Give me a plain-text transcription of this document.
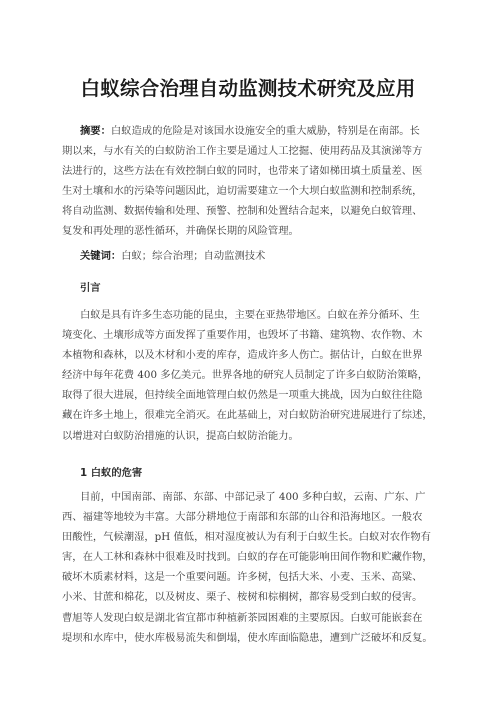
白蚁综合治理自动监测技术研究及应用
摘要：白蚁造成的危险是对该国水设施安全的重大威胁，特别是在南部。长
期以来，与水有关的白蚁防治工作主要是通过人工挖掘、使用药品及其演涕等方
法进行的，这些方法在有效控制白蚁的同时，也带来了诸如梯田填土质量差、医
生对土壤和水的污染等问题因此，迫切需要建立一个大坝白蚁监测和控制系统，
将自动监测、数据传输和处理、预警、控制和处置结合起来，以避免白蚁管理、
复发和再处理的恶性循环，并确保长期的风险管理。
关键词：白蚁；综合治理；自动监测技术
引言
白蚁是具有许多生态功能的昆虫，主要在亚热带地区。白蚁在养分循环、生
境变化、土壤形成等方面发挥了重要作用，也毁坏了书籍、建筑物、农作物、木
本植物和森林，以及木材和小麦的库存，造成许多人伤亡。据估计，白蚁在世界
经济中每年花费 400 多亿美元。世界各地的研究人员制定了许多白蚁防治策略，
取得了很大进展，但持续全面地管理白蚁仍然是一项重大挑战，因为白蚁往往隐
藏在许多土地上，很难完全消灭。在此基础上，对白蚁防治研究进展进行了综述，
以增进对白蚁防治措施的认识，提高白蚁防治能力。
1 白蚁的危害
目前，中国南部、南部、东部、中部记录了 400 多种白蚁，云南、广东、广
西、福建等地较为丰富。大部分耕地位于南部和东部的山谷和沿海地区。一般农
田酸性，气候潮湿，pH 值低，相对湿度被认为有利于白蚁生长。白蚁对农作物有
害，在人工林和森林中很难及时找到。白蚁的存在可能影响田间作物和贮藏作物，
破坏木质素材料，这是一个重要问题。许多树，包括大米、小麦、玉米、高粱、
小米、甘蔗和棉花，以及树皮、栗子、桉树和棕榈树，都容易受到白蚁的侵害。
曹旭等人发现白蚁是湖北省宜都市种植新茶园困难的主要原因。白蚁可能嵌套在
堤坝和水库中，使水库极易流失和倒塌，使水库面临隐患，遭到广泛破坏和反复。
